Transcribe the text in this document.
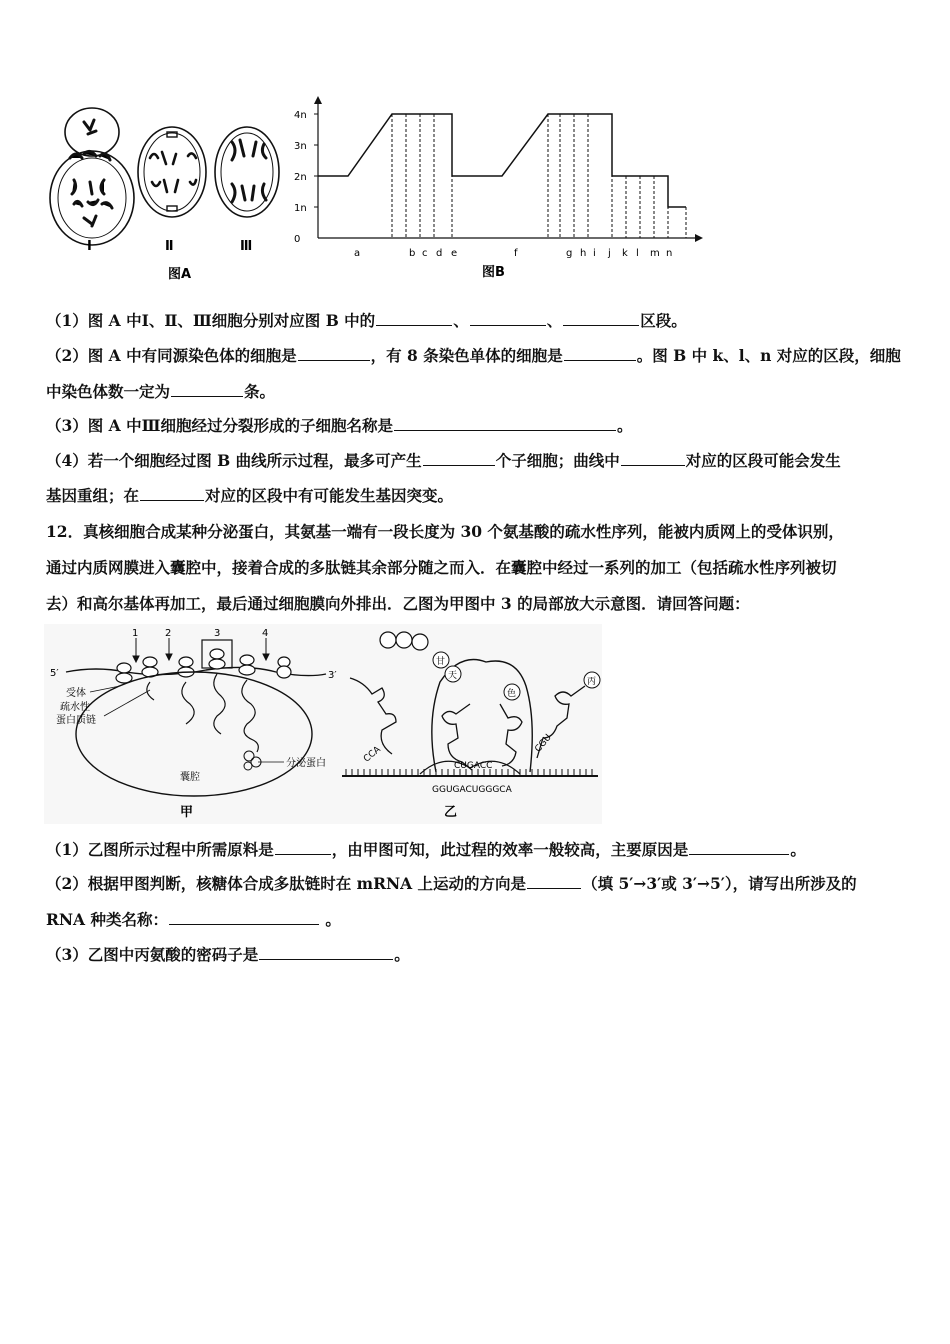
Ⅰ	Ⅱ	Ⅲ
图A
4n
3n
2n
1n
0
a	b c d e	f	g h i j k l m n
图B
（1）图 A 中Ⅰ、Ⅱ、Ⅲ细胞分别对应图 B 中的	、	、	区段。
（2）图 A 中有同源染色体的细胞是	，有 8 条染色单体的细胞是	。图 B 中 k、l、n 对应的区段，细胞
中染色体数一定为	条。
（3）图 A 中Ⅲ细胞经过分裂形成的子细胞名称是	。
（4）若一个细胞经过图 B 曲线所示过程，最多可产生	个子细胞；曲线中	对应的区段可能会发生
基因重组；在	对应的区段中有可能发生基因突变。
12．真核细胞合成某种分泌蛋白，其氨基一端有一段长度为 30 个氨基酸的疏水性序列，能被内质网上的受体识别，
通过内质网膜进入囊腔中，接着合成的多肽链其余部分随之而入．在囊腔中经过一系列的加工（包括疏水性序列被切
去）和高尔基体再加工，最后通过细胞膜向外排出．乙图为甲图中 3 的局部放大示意图．请回答问题：
1	2	3	4
5′	3′
分泌蛋白
受体
疏水性
蛋白质链
囊腔
甲
甘
天
色
丙
CCA
CUGACC
CGU
GGUGACUGGGCA
乙
（1）乙图所示过程中所需原料是	，由甲图可知，此过程的效率一般较高，主要原因是	。
（2）根据甲图判断，核糖体合成多肽链时在 mRNA 上运动的方向是	（填 5′→3′或 3′→5′），请写出所涉及的
RNA 种类名称：	。
（3）乙图中丙氨酸的密码子是	。
